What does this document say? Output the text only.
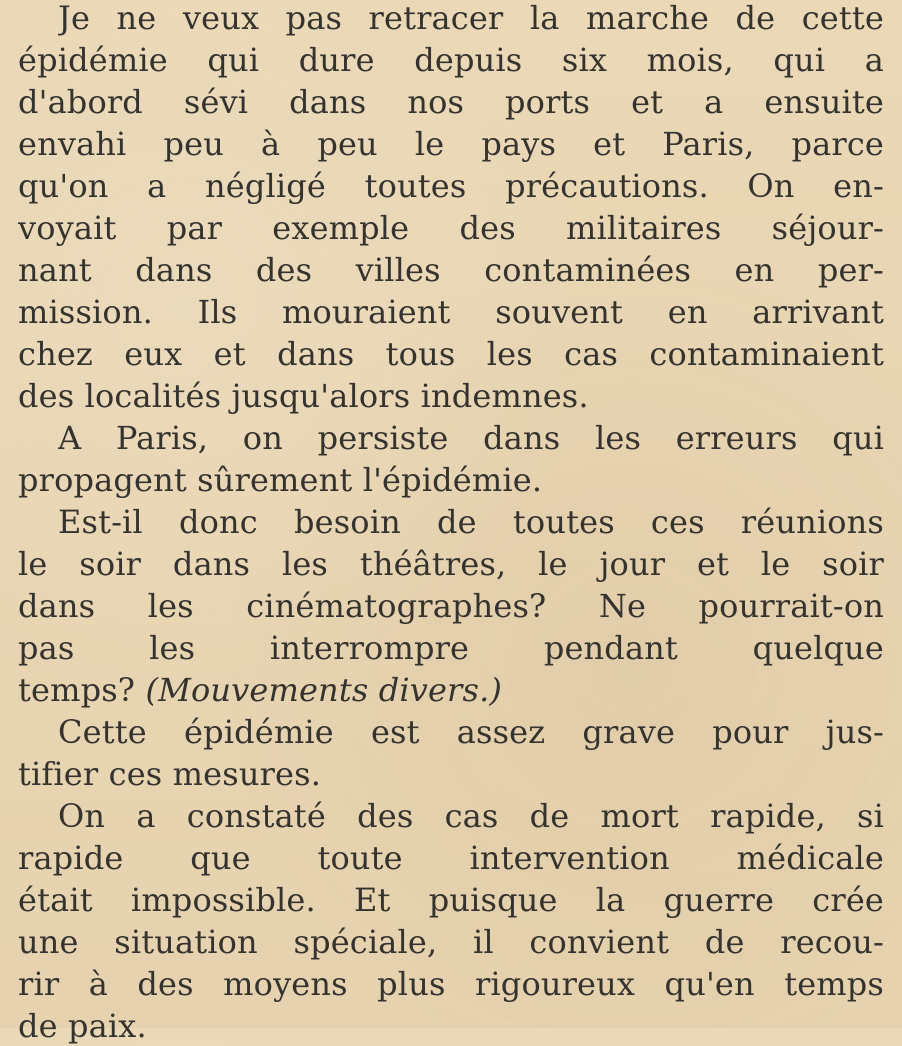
Je ne veux pas retracer la marche de cette
épidémie qui dure depuis six mois, qui a
d'abord sévi dans nos ports et a ensuite
envahi peu à peu le pays et Paris, parce
qu'on a négligé toutes précautions. On en-
voyait par exemple des militaires séjour-
nant dans des villes contaminées en per-
mission. Ils mouraient souvent en arrivant
chez eux et dans tous les cas contaminaient
des localités jusqu'alors indemnes.
A Paris, on persiste dans les erreurs qui
propagent sûrement l'épidémie.
Est-il donc besoin de toutes ces réunions
le soir dans les théâtres, le jour et le soir
dans les cinématographes? Ne pourrait-on
pas les interrompre pendant quelque
temps? (Mouvements divers.)
Cette épidémie est assez grave pour jus-
tifier ces mesures.
On a constaté des cas de mort rapide, si
rapide que toute intervention médicale
était impossible. Et puisque la guerre crée
une situation spéciale, il convient de recou-
rir à des moyens plus rigoureux qu'en temps
de paix.
